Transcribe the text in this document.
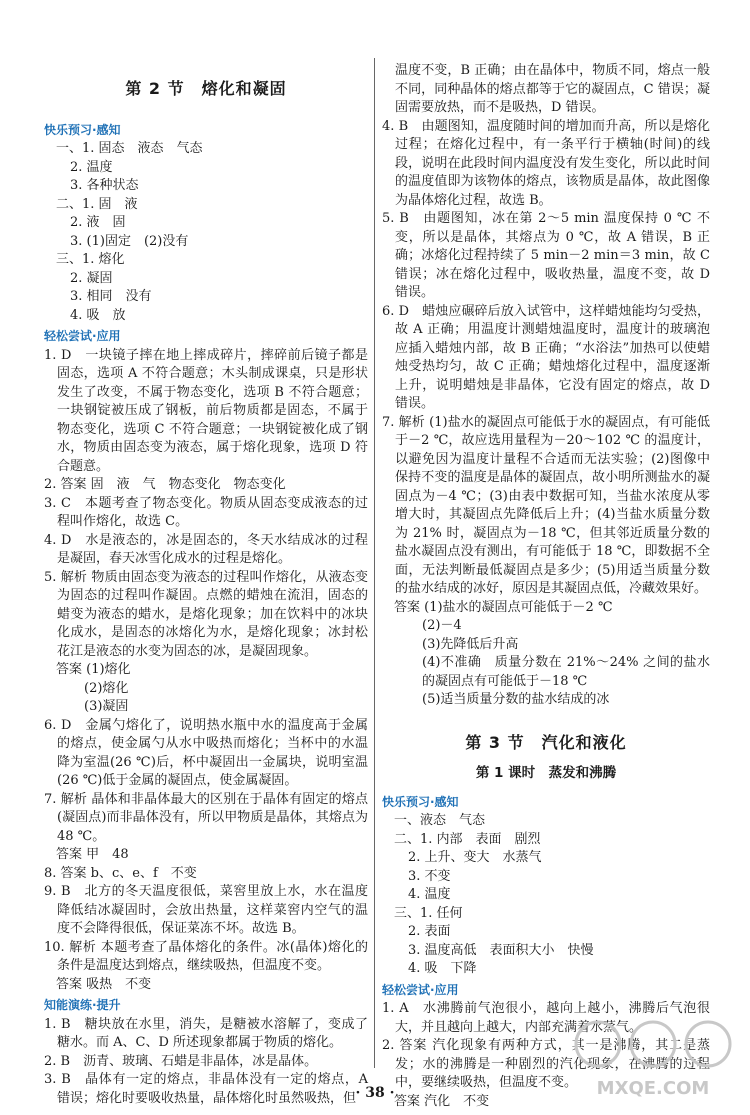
第 2 节　熔化和凝固
快乐预习·感知
一、1. 固态　液态　气态
2. 温度
3. 各种状态
二、1. 固　液
2. 液　固
3. (1)固定　(2)没有
三、1. 熔化
2. 凝固
3. 相同　没有
4. 吸　放
轻松尝试·应用
1. D　一块镜子摔在地上摔成碎片，摔碎前后镜子都是固态，选项 A 不符合题意；木头制成课桌，只是形状发生了改变，不属于物态变化，选项 B 不符合题意；一块钢锭被压成了钢板，前后物质都是固态，不属于物态变化，选项 C 不符合题意；一块钢锭被化成了钢水，物质由固态变为液态，属于熔化现象，选项 D 符合题意。
2. 答案 固　液　气　物态变化　物态变化
3. C　本题考查了物态变化。物质从固态变成液态的过程叫作熔化，故选 C。
4. D　水是液态的，冰是固态的，冬天水结成冰的过程是凝固，春天冰雪化成水的过程是熔化。
5. 解析 物质由固态变为液态的过程叫作熔化，从液态变为固态的过程叫作凝固。点燃的蜡烛在流泪，固态的蜡变为液态的蜡水，是熔化现象；加在饮料中的冰块化成水，是固态的冰熔化为水，是熔化现象；冰封松花江是液态的水变为固态的冰，是凝固现象。
答案 (1)熔化
(2)熔化
(3)凝固
6. D　金属勺熔化了，说明热水瓶中水的温度高于金属的熔点，使金属勺从水中吸热而熔化；当杯中的水温降为室温(26 ℃)后，杯中凝固出一金属块，说明室温(26 ℃)低于金属的凝固点，使金属凝固。
7. 解析 晶体和非晶体最大的区别在于晶体有固定的熔点(凝固点)而非晶体没有，所以甲物质是晶体，其熔点为48 ℃。
答案 甲　48
8. 答案 b、c、e、f　不变
9. B　北方的冬天温度很低，菜窖里放上水，水在温度降低结冰凝固时，会放出热量，这样菜窖内空气的温度不会降得很低，保证菜冻不坏。故选 B。
10. 解析 本题考查了晶体熔化的条件。冰(晶体)熔化的条件是温度达到熔点，继续吸热，但温度不变。
答案 吸热　不变
知能演练·提升
1. B　糖块放在水里，消失，是糖被水溶解了，变成了糖水。而 A、C、D 所述现象都属于物质的熔化。
2. B　沥青、玻璃、石蜡是非晶体，冰是晶体。
3. B　晶体有一定的熔点，非晶体没有一定的熔点，A 错误；熔化时要吸收热量，晶体熔化时虽然吸热，但
温度不变，B 正确；由在晶体中，物质不同，熔点一般不同，同种晶体的熔点都等于它的凝固点，C 错误；凝固需要放热，而不是吸热，D 错误。
4. B　由题图知，温度随时间的增加而升高，所以是熔化过程；在熔化过程中，有一条平行于横轴(时间)的线段，说明在此段时间内温度没有发生变化，所以此时间的温度值即为该物体的熔点，该物质是晶体，故此图像为晶体熔化过程，故选 B。
5. B　由题图知，冰在第 2～5 min 温度保持 0 ℃ 不变，所以是晶体，其熔点为 0 ℃，故 A 错误，B 正确；冰熔化过程持续了 5 min－2 min＝3 min，故 C 错误；冰在熔化过程中，吸收热量，温度不变，故 D 错误。
6. D　蜡烛应碾碎后放入试管中，这样蜡烛能均匀受热，故 A 正确；用温度计测蜡烛温度时，温度计的玻璃泡应插入蜡烛内部，故 B 正确；“水浴法”加热可以使蜡烛受热均匀，故 C 正确；蜡烛熔化过程中，温度逐渐上升，说明蜡烛是非晶体，它没有固定的熔点，故 D 错误。
7. 解析 (1)盐水的凝固点可能低于水的凝固点，有可能低于－2 ℃，故应选用量程为－20～102 ℃ 的温度计，以避免因为温度计量程不合适而无法实验；(2)图像中保持不变的温度是晶体的凝固点，故小明所测盐水的凝固点为－4 ℃；(3)由表中数据可知，当盐水浓度从零增大时，其凝固点先降低后上升；(4)当盐水质量分数为 21% 时，凝固点为－18 ℃，但其邻近质量分数的盐水凝固点没有测出，有可能低于 18 ℃，即数据不全面，无法判断最低凝固点是多少；(5)用适当质量分数的盐水结成的冰好，原因是其凝固点低，冷藏效果好。
答案 (1)盐水的凝固点可能低于－2 ℃
(2)－4
(3)先降低后升高
(4)不准确　质量分数在 21%～24% 之间的盐水的凝固点有可能低于－18 ℃
(5)适当质量分数的盐水结成的冰
第 3 节　汽化和液化
第 1 课时　蒸发和沸腾
快乐预习·感知
一、液态　气态
二、1. 内部　表面　剧烈
2. 上升、变大　水蒸气
3. 不变
4. 温度
三、1. 任何
2. 表面
3. 温度高低　表面积大小　快慢
4. 吸　下降
轻松尝试·应用
1. A　水沸腾前气泡很小，越向上越小，沸腾后气泡很大，并且越向上越大，内部充满着水蒸气。
2. 答案 汽化现象有两种方式，其一是沸腾，其二是蒸发；水的沸腾是一种剧烈的汽化现象，在沸腾的过程中，要继续吸热，但温度不变。
答案 汽化　不变
· 38 ·	MXQE.COM
